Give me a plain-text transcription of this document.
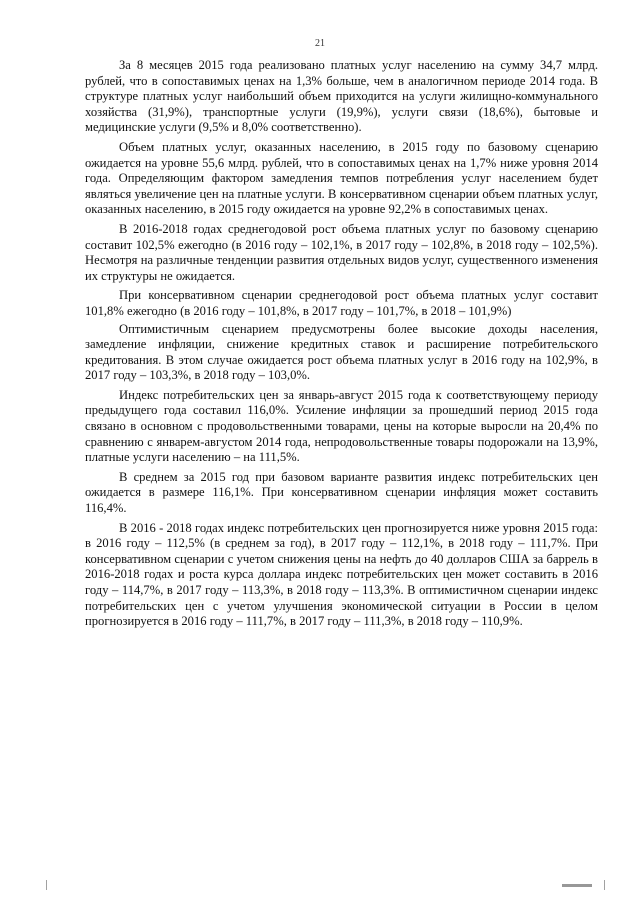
21

За 8 месяцев 2015 года реализовано платных услуг населению на сумму 34,7 млрд. рублей, что в сопоставимых ценах на 1,3% больше, чем в аналогичном периоде 2014 года. В структуре платных услуг наибольший объем приходится на услуги жилищно-коммунального хозяйства (31,9%), транспортные услуги (19,9%), услуги связи (18,6%), бытовые и медицинские услуги (9,5% и 8,0% соответственно).

Объем платных услуг, оказанных населению, в 2015 году по базовому сценарию ожидается на уровне 55,6 млрд. рублей, что в сопоставимых ценах на 1,7% ниже уровня 2014 года. Определяющим фактором замедления темпов потребления услуг населением будет являться увеличение цен на платные услуги. В консервативном сценарии объем платных услуг, оказанных населению, в 2015 году ожидается на уровне 92,2% в сопоставимых ценах.

В 2016-2018 годах среднегодовой рост объема платных услуг по базовому сценарию составит 102,5% ежегодно (в 2016 году – 102,1%, в 2017 году – 102,8%, в 2018 году – 102,5%). Несмотря на различные тенденции развития отдельных видов услуг, существенного изменения их структуры не ожидается.

При консервативном сценарии среднегодовой рост объема платных услуг составит 101,8% ежегодно (в 2016 году – 101,8%, в 2017 году – 101,7%, в 2018 – 101,9%)

Оптимистичным сценарием предусмотрены более высокие доходы населения, замедление инфляции, снижение кредитных ставок и расширение потребительского кредитования. В этом случае ожидается рост объема платных услуг в 2016 году на 102,9%, в 2017 году – 103,3%, в 2018 году – 103,0%.

Индекс потребительских цен за январь-август 2015 года к соответствующему периоду предыдущего года составил 116,0%. Усиление инфляции за прошедший период 2015 года связано в основном с продовольственными товарами, цены на которые выросли на 20,4% по сравнению с январем-августом 2014 года, непродовольственные товары подорожали на 13,9%, платные услуги населению – на 111,5%.

В среднем за 2015 год при базовом варианте развития индекс потребительских цен ожидается в размере 116,1%. При консервативном сценарии инфляция может составить 116,4%.

В 2016 - 2018 годах индекс потребительских цен прогнозируется ниже уровня 2015 года: в 2016 году – 112,5% (в среднем за год), в 2017 году – 112,1%, в 2018 году – 111,7%. При консервативном сценарии с учетом снижения цены на нефть до 40 долларов США за баррель в 2016-2018 годах и роста курса доллара индекс потребительских цен может составить в 2016 году – 114,7%, в 2017 году – 113,3%, в 2018 году – 113,3%. В оптимистичном сценарии индекс потребительских цен с учетом улучшения экономической ситуации в России в целом прогнозируется в 2016 году – 111,7%, в 2017 году – 111,3%, в 2018 году – 110,9%.
